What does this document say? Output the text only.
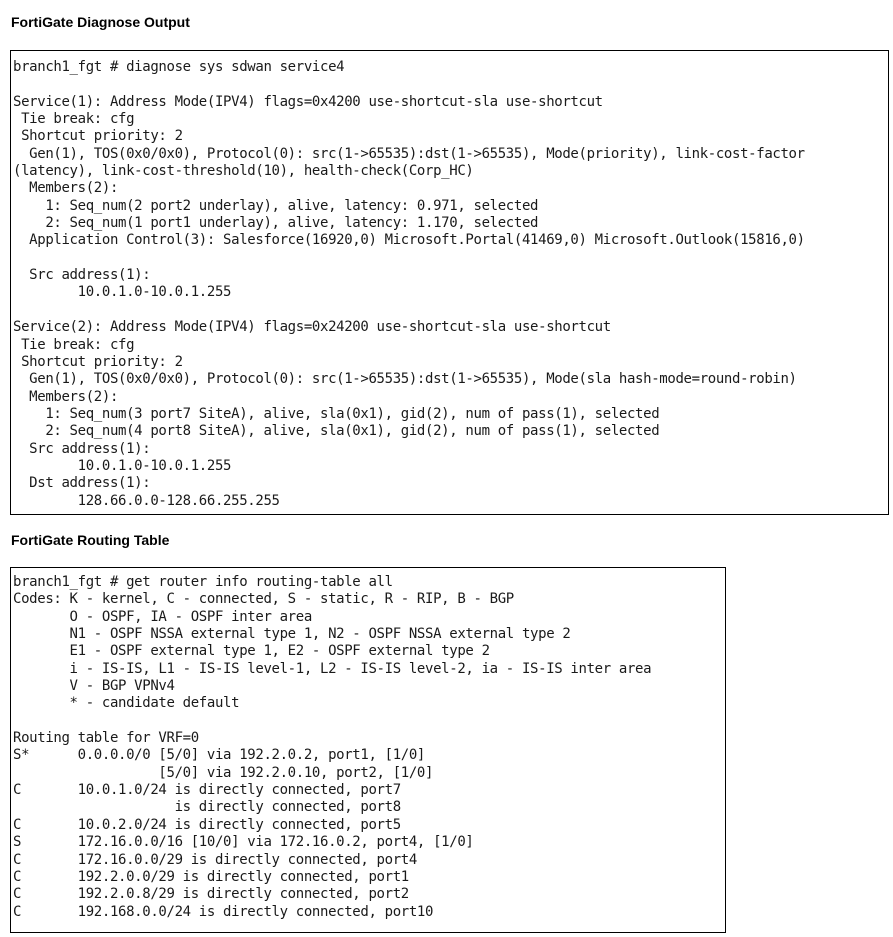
FortiGate Diagnose Output
branch1_fgt # diagnose sys sdwan service4
Service(1): Address Mode(IPV4) flags=0x4200 use-shortcut-sla use-shortcut
Tie break: cfg
Shortcut priority: 2
Gen(1), TOS(0x0/0x0), Protocol(0): src(1->65535):dst(1->65535), Mode(priority), link-cost-factor
(latency), link-cost-threshold(10), health-check(Corp_HC)
Members(2):
1: Seq_num(2 port2 underlay), alive, latency: 0.971, selected
2: Seq_num(1 port1 underlay), alive, latency: 1.170, selected
Application Control(3): Salesforce(16920,0) Microsoft.Portal(41469,0) Microsoft.Outlook(15816,0)
Src address(1):
10.0.1.0-10.0.1.255
Service(2): Address Mode(IPV4) flags=0x24200 use-shortcut-sla use-shortcut
Tie break: cfg
Shortcut priority: 2
Gen(1), TOS(0x0/0x0), Protocol(0): src(1->65535):dst(1->65535), Mode(sla hash-mode=round-robin)
Members(2):
1: Seq_num(3 port7 SiteA), alive, sla(0x1), gid(2), num of pass(1), selected
2: Seq_num(4 port8 SiteA), alive, sla(0x1), gid(2), num of pass(1), selected
Src address(1):
10.0.1.0-10.0.1.255
Dst address(1):
128.66.0.0-128.66.255.255
FortiGate Routing Table
branch1_fgt # get router info routing-table all
Codes: K - kernel, C - connected, S - static, R - RIP, B - BGP
O - OSPF, IA - OSPF inter area
N1 - OSPF NSSA external type 1, N2 - OSPF NSSA external type 2
E1 - OSPF external type 1, E2 - OSPF external type 2
i - IS-IS, L1 - IS-IS level-1, L2 - IS-IS level-2, ia - IS-IS inter area
V - BGP VPNv4
* - candidate default
Routing table for VRF=0
S*      0.0.0.0/0 [5/0] via 192.2.0.2, port1, [1/0]
[5/0] via 192.2.0.10, port2, [1/0]
C       10.0.1.0/24 is directly connected, port7
is directly connected, port8
C       10.0.2.0/24 is directly connected, port5
S       172.16.0.0/16 [10/0] via 172.16.0.2, port4, [1/0]
C       172.16.0.0/29 is directly connected, port4
C       192.2.0.0/29 is directly connected, port1
C       192.2.0.8/29 is directly connected, port2
C       192.168.0.0/24 is directly connected, port10
